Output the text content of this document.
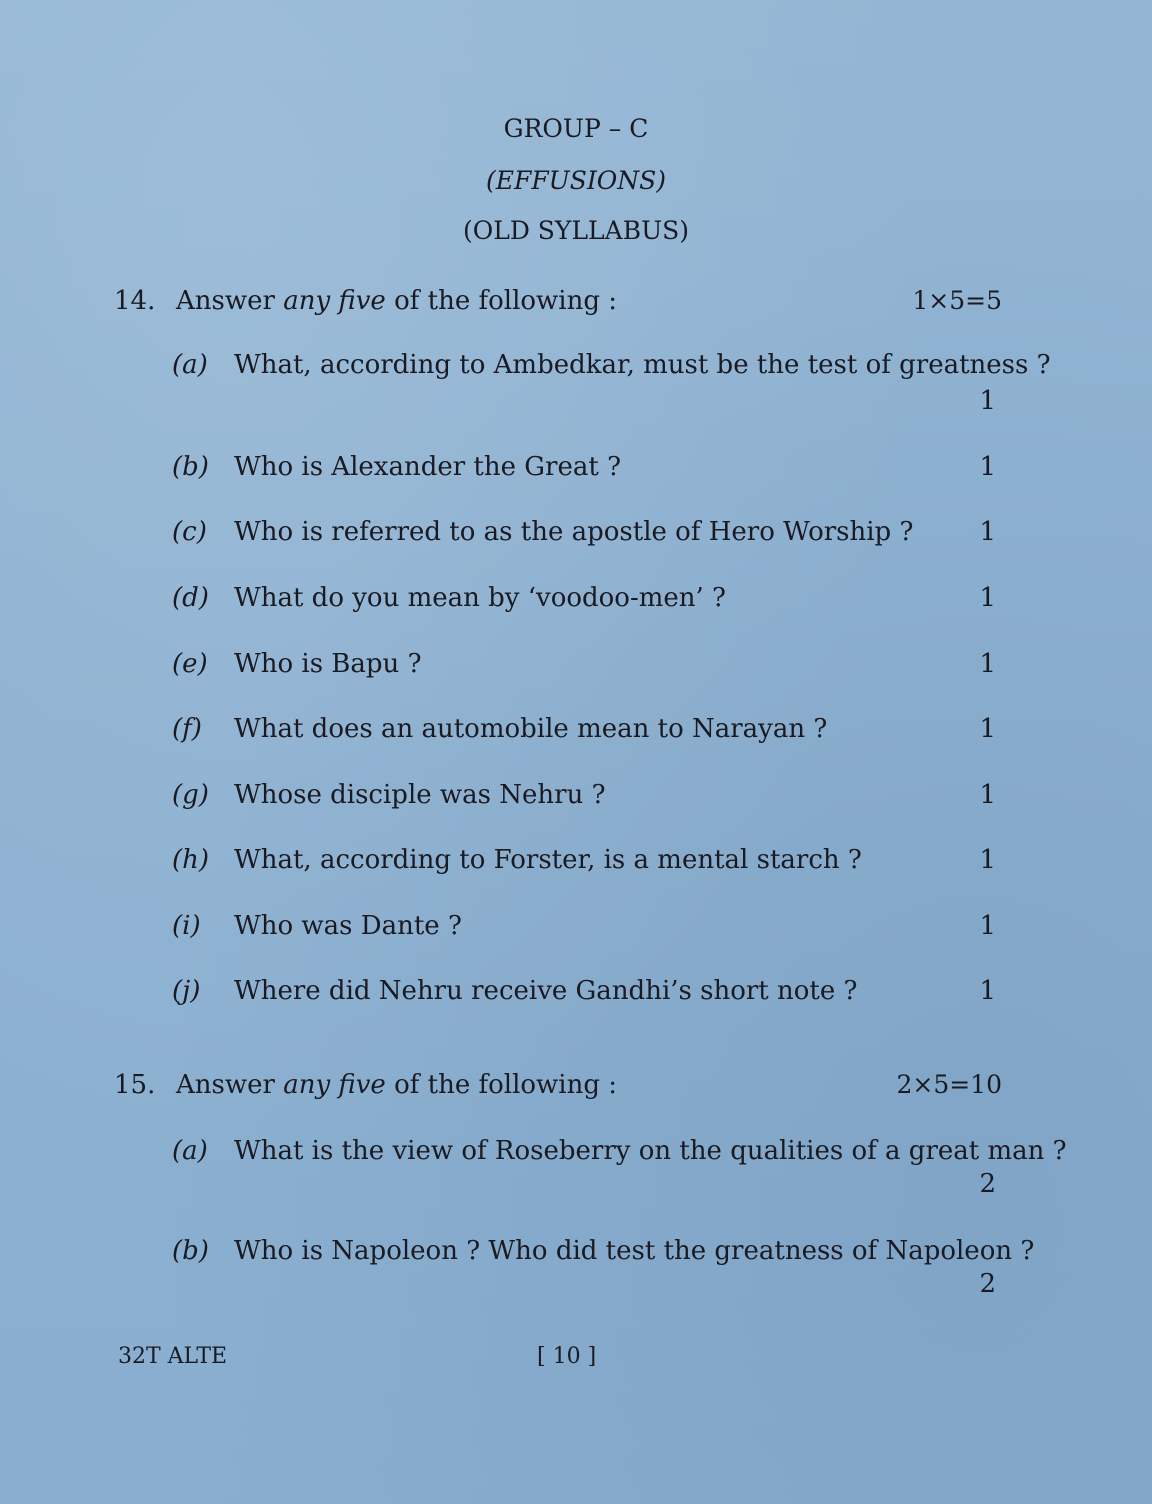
GROUP – C
(EFFUSIONS)
(OLD SYLLABUS)
14. Answer any five of the following :	1×5=5
(a) What, according to Ambedkar, must be the test of greatness ?
1
(b) Who is Alexander the Great ?	1
(c) Who is referred to as the apostle of Hero Worship ?	1
(d) What do you mean by ‘voodoo-men’ ?	1
(e) Who is Bapu ?	1
(f) What does an automobile mean to Narayan ?	1
(g) Whose disciple was Nehru ?	1
(h) What, according to Forster, is a mental starch ?	1
(i) Who was Dante ?	1
(j) Where did Nehru receive Gandhi’s short note ?	1
15. Answer any five of the following :	2×5=10
(a) What is the view of Roseberry on the qualities of a great man ?
2
(b) Who is Napoleon ? Who did test the greatness of Napoleon ?
2
32T ALTE	[ 10 ]
